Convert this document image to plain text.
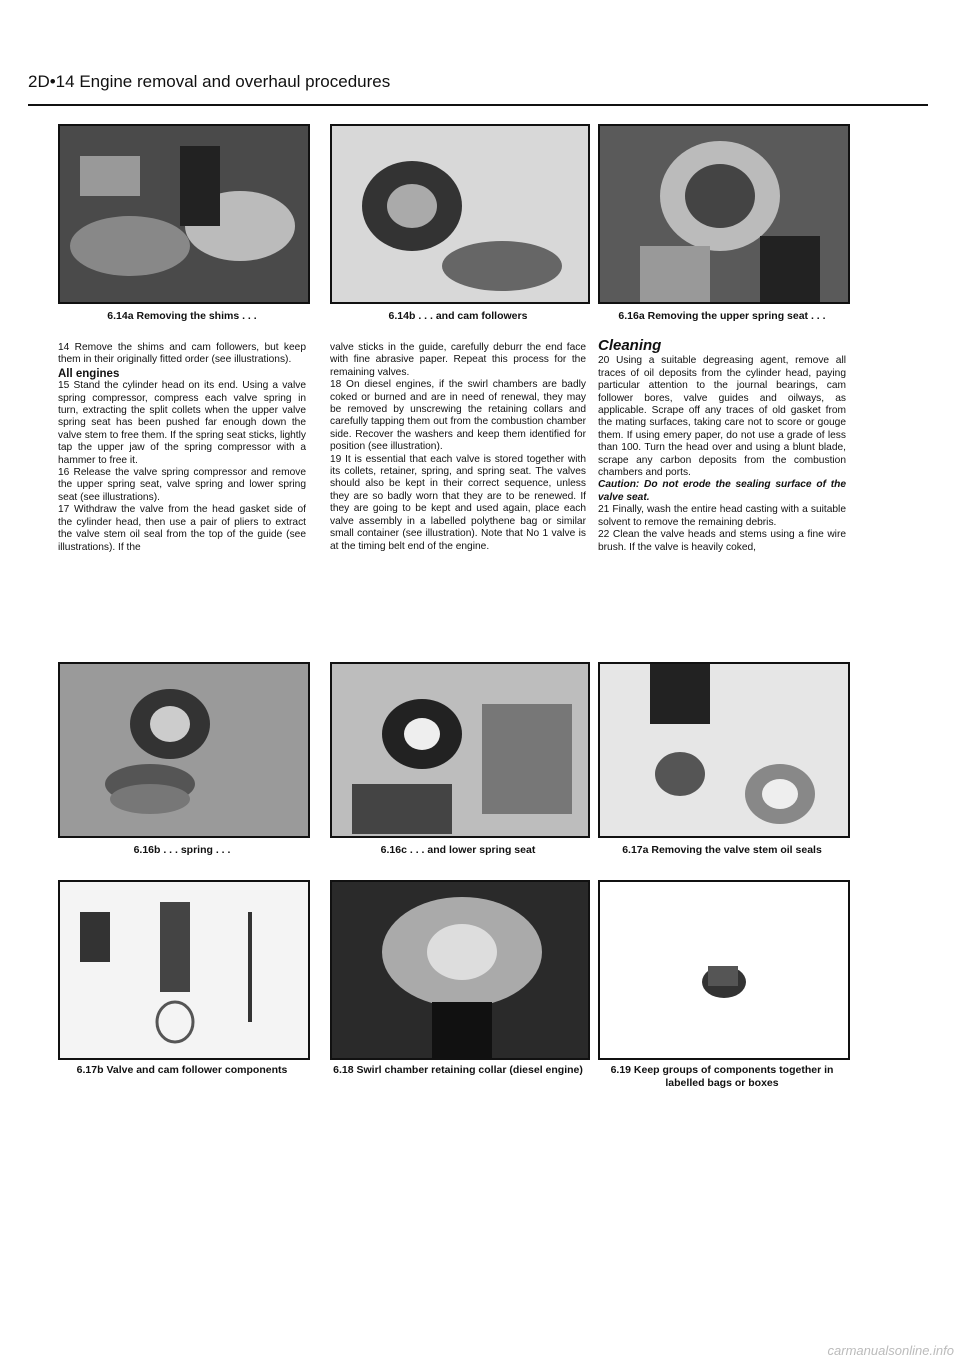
2D•14 Engine removal and overhaul procedures
6.14a Removing the shims . . .	6.14b . . . and cam followers	6.16a Removing the upper spring seat . . .

14 Remove the shims and cam followers, but keep them in their originally fitted order (see illustrations).

All engines

15 Stand the cylinder head on its end. Using a valve spring compressor, compress each valve spring in turn, extracting the split collets when the upper valve spring seat has been pushed far enough down the valve stem to free them. If the spring seat sticks, lightly tap the upper jaw of the spring compressor with a hammer to free it.

16 Release the valve spring compressor and remove the upper spring seat, valve spring and lower spring seat (see illustrations).

17 Withdraw the valve from the head gasket side of the cylinder head, then use a pair of pliers to extract the valve stem oil seal from the top of the guide (see illustrations). If the

valve sticks in the guide, carefully deburr the end face with fine abrasive paper. Repeat this process for the remaining valves.

18 On diesel engines, if the swirl chambers are badly coked or burned and are in need of renewal, they may be removed by unscrewing the retaining collars and carefully tapping them out from the combustion chamber side. Recover the washers and keep them identified for position (see illustration).

19 It is essential that each valve is stored together with its collets, retainer, spring, and spring seat. The valves should also be kept in their correct sequence, unless they are so badly worn that they are to be renewed. If they are going to be kept and used again, place each valve assembly in a labelled polythene bag or similar small container (see illustration). Note that No 1 valve is at the timing belt end of the engine.

Cleaning

20 Using a suitable degreasing agent, remove all traces of oil deposits from the cylinder head, paying particular attention to the journal bearings, cam follower bores, valve guides and oilways, as applicable. Scrape off any traces of old gasket from the mating surfaces, taking care not to score or gouge them. If using emery paper, do not use a grade of less than 100. Turn the head over and using a blunt blade, scrape any carbon deposits from the combustion chambers and ports.

Caution: Do not erode the sealing surface of the valve seat.

21 Finally, wash the entire head casting with a suitable solvent to remove the remaining debris.

22 Clean the valve heads and stems using a fine wire brush. If the valve is heavily coked,

6.16b . . . spring . . .	6.16c . . . and lower spring seat	6.17a Removing the valve stem oil seals
6.17b Valve and cam follower components	6.18 Swirl chamber retaining collar (diesel engine)	6.19 Keep groups of components together in labelled bags or boxes
carmanualsonline.info
